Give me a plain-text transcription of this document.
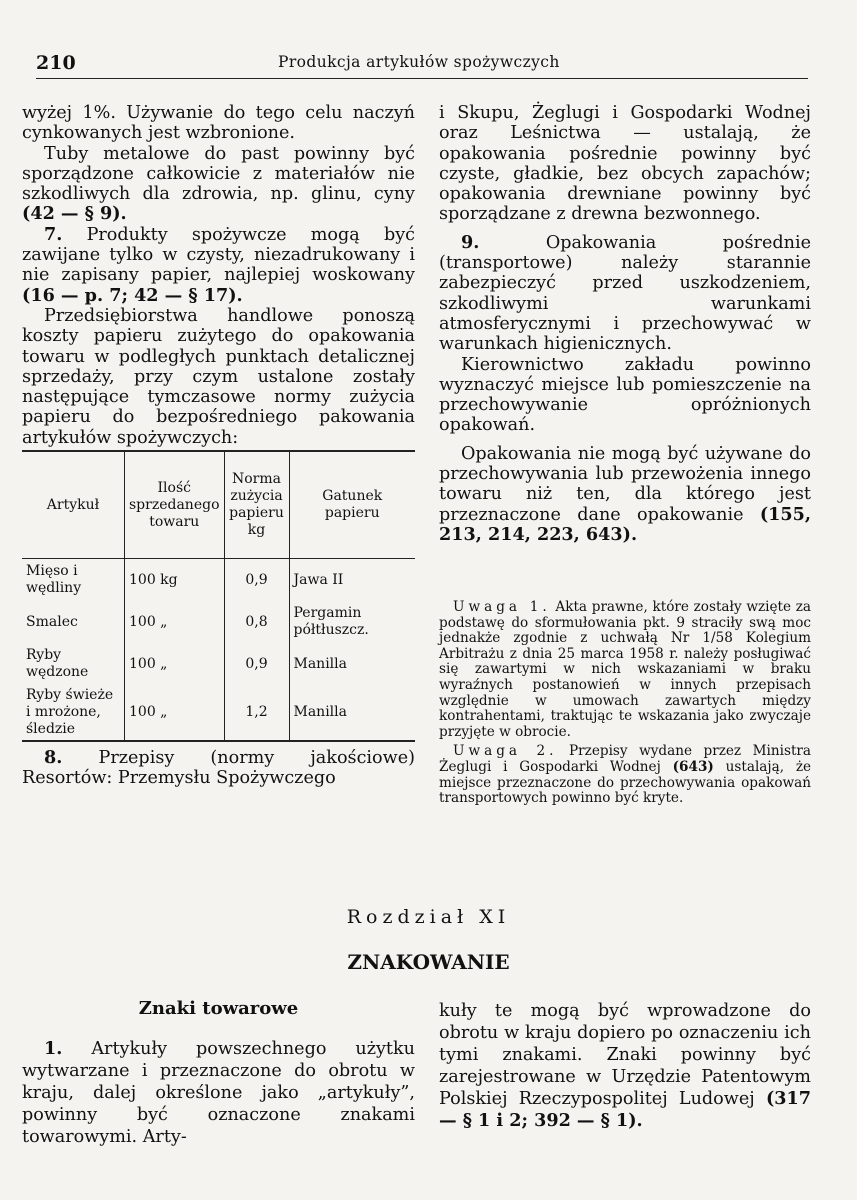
210	Produkcja artykułów spożywczych

wyżej 1%. Używanie do tego celu naczyń cynkowanych jest wzbronione.

Tuby metalowe do past powinny być sporządzone całkowicie z materiałów nie szkodliwych dla zdrowia, np. glinu, cyny (42 — § 9).

7. Produkty spożywcze mogą być zawijane tylko w czysty, niezadrukowany i nie zapisany papier, najlepiej woskowany (16 — p. 7; 42 — § 17).

Przedsiębiorstwa handlowe ponoszą koszty papieru zużytego do opakowania towaru w podległych punktach detalicznej sprzedaży, przy czym ustalone zostały następujące tymczasowe normy zużycia papieru do bezpośredniego pakowania artykułów spożywczych:

Artykuł	Ilość sprzedanego towaru	Norma zużycia papieru kg	Gatunek papieru
Mięso i wędliny	100 kg	0,9	Jawa II
Smalec	100 „	0,8	Pergamin półtłuszcz.
Ryby wędzone	100 „	0,9	Manilla
Ryby świeże i mrożone, śledzie	100 „	1,2	Manilla

8. Przepisy (normy jakościowe) Resortów: Przemysłu Spożywczego

i Skupu, Żeglugi i Gospodarki Wodnej oraz Leśnictwa — ustalają, że opakowania pośrednie powinny być czyste, gładkie, bez obcych zapachów; opakowania drewniane powinny być sporządzane z drewna bezwonnego.

9.	Opakowania pośrednie (transportowe) należy starannie zabezpieczyć przed uszkodzeniem, szkodliwymi warunkami atmosferycznymi i przechowywać w warunkach higienicznych.

Kierownictwo zakładu powinno wyznaczyć miejsce lub pomieszczenie na przechowywanie opróżnionych opakowań.

Opakowania nie mogą być używane do przechowywania lub przewożenia innego towaru niż ten, dla którego jest przeznaczone dane opakowanie (155, 213, 214, 223, 643).

Uwaga 1. Akta prawne, które zostały wzięte za podstawę do sformułowania pkt. 9 straciły swą moc jednakże zgodnie z uchwałą Nr 1/58 Kolegium Arbitrażu z dnia 25 marca 1958 r. należy posługiwać się zawartymi w nich wskazaniami w braku wyraźnych postanowień w innych przepisach względnie w umowach zawartych między kontrahentami, traktując te wskazania jako zwyczaje przyjęte w obrocie.

Uwaga 2. Przepisy wydane przez Ministra Żeglugi i Gospodarki Wodnej (643) ustalają, że miejsce przeznaczone do przechowywania opakowań transportowych powinno być kryte.

Rozdział XI
ZNAKOWANIE
Znaki towarowe

1. Artykuły powszechnego użytku wytwarzane i przeznaczone do obrotu w kraju, dalej określone jako „artykuły”, powinny być oznaczone znakami towarowymi. Arty-

kuły te mogą być wprowadzone do obrotu w kraju dopiero po oznaczeniu ich tymi znakami. Znaki powinny być zarejestrowane w Urzędzie Patentowym Polskiej Rzeczypospolitej Ludowej (317 — § 1 i 2; 392 — § 1).
